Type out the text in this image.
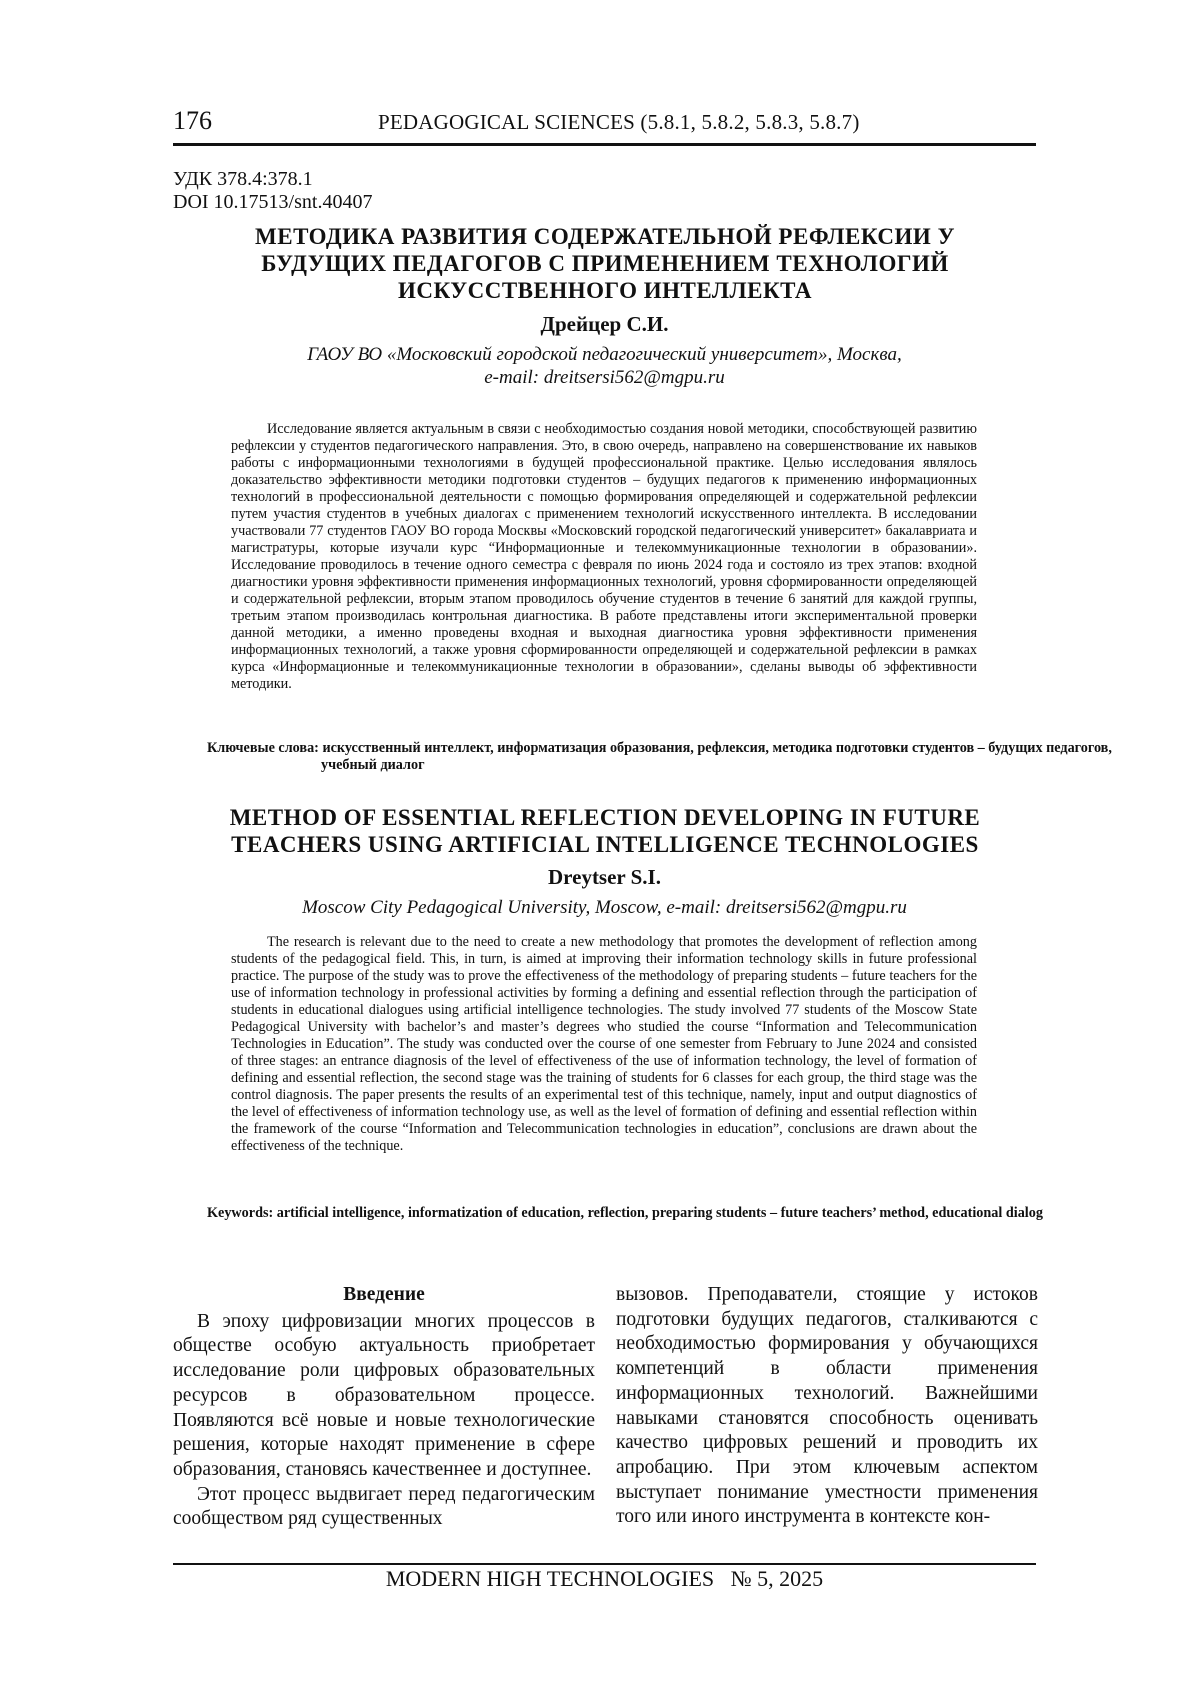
176	PEDAGOGICAL SCIENCES (5.8.1, 5.8.2, 5.8.3, 5.8.7)
УДК 378.4:378.1
DOI 10.17513/snt.40407
МЕТОДИКА РАЗВИТИЯ СОДЕРЖАТЕЛЬНОЙ РЕФЛЕКСИИ У
БУДУЩИХ ПЕДАГОГОВ С ПРИМЕНЕНИЕМ ТЕХНОЛОГИЙ
ИСКУССТВЕННОГО ИНТЕЛЛЕКТА
Дрейцер С.И.
ГАОУ ВО «Московский городской педагогический университет», Москва,
e-mail: dreitsersi562@mgpu.ru

Исследование является актуальным в связи с необходимостью создания новой методики, способствующей развитию рефлексии у студентов педагогического направления. Это, в свою очередь, направлено на совершенствование их навыков работы с информационными технологиями в будущей профессиональной практике. Целью исследования являлось доказательство эффективности методики подготовки студентов – будущих педагогов к применению информационных технологий в профессиональной деятельности с помощью формирования определяющей и содержательной рефлексии путем участия студентов в учебных диалогах с применением технологий искусственного интеллекта. В исследовании участвовали 77 студентов ГАОУ ВО города Москвы «Московский городской педагогический университет» бакалавриата и магистратуры, которые изучали курс “Информационные и телекоммуникационные технологии в образовании». Исследование проводилось в течение одного семестра с февраля по июнь 2024 года и состояло из трех этапов: входной диагностики уровня эффективности применения информационных технологий, уровня сформированности определяющей и содержательной рефлексии, вторым этапом проводилось обучение студентов в течение 6 занятий для каждой группы, третьим этапом производилась контрольная диагностика. В работе представлены итоги экспериментальной проверки данной методики, а именно проведены входная и выходная диагностика уровня эффективности применения информационных технологий, а также уровня сформированности определяющей и содержательной рефлексии в рамках курса «Информационные и телекоммуникационные технологии в образовании», сделаны выводы об эффективности методики.

Ключевые слова: искусственный интеллект, информатизация образования, рефлексия, методика подготовки студентов – будущих педагогов, учебный диалог
METHOD OF ESSENTIAL REFLECTION DEVELOPING IN FUTURE
TEACHERS USING ARTIFICIAL INTELLIGENCE TECHNOLOGIES
Dreytser S.I.
Moscow City Pedagogical University, Moscow, e-mail: dreitsersi562@mgpu.ru

The research is relevant due to the need to create a new methodology that promotes the development of reflection among students of the pedagogical field. This, in turn, is aimed at improving their information technology skills in future professional practice. The purpose of the study was to prove the effectiveness of the methodology of preparing students – future teachers for the use of information technology in professional activities by forming a defining and essential reflection through the participation of students in educational dialogues using artificial intelligence technologies. The study involved 77 students of the Moscow State Pedagogical University with bachelor’s and master’s degrees who studied the course “Information and Telecommunication Technologies in Education”. The study was conducted over the course of one semester from February to June 2024 and consisted of three stages: an entrance diagnosis of the level of effectiveness of the use of information technology, the level of formation of defining and essential reflection, the second stage was the training of students for 6 classes for each group, the third stage was the control diagnosis. The paper presents the results of an experimental test of this technique, namely, input and output diagnostics of the level of effectiveness of information technology use, as well as the level of formation of defining and essential reflection within the framework of the course “Information and Telecommunication technologies in education”, conclusions are drawn about the effectiveness of the technique.

Keywords: artificial intelligence, informatization of education, reflection, preparing students – future teachers’ method, educational dialog
Введение

В эпоху цифровизации многих процессов в обществе особую актуальность приобретает исследование роли цифровых образовательных ресурсов в образовательном процессе. Появляются всё новые и новые технологические решения, которые находят применение в сфере образования, становясь качественнее и доступнее.

Этот процесс выдвигает перед педагогическим сообществом ряд существенных

вызовов. Преподаватели, стоящие у истоков подготовки будущих педагогов, сталкиваются с необходимостью формирования у обучающихся компетенций в области применения информационных технологий. Важнейшими навыками становятся способность оценивать качество цифровых решений и проводить их апробацию. При этом ключевым аспектом выступает понимание уместности применения того или иного инструмента в контексте кон-

MODERN HIGH TECHNOLOGIES   № 5, 2025
